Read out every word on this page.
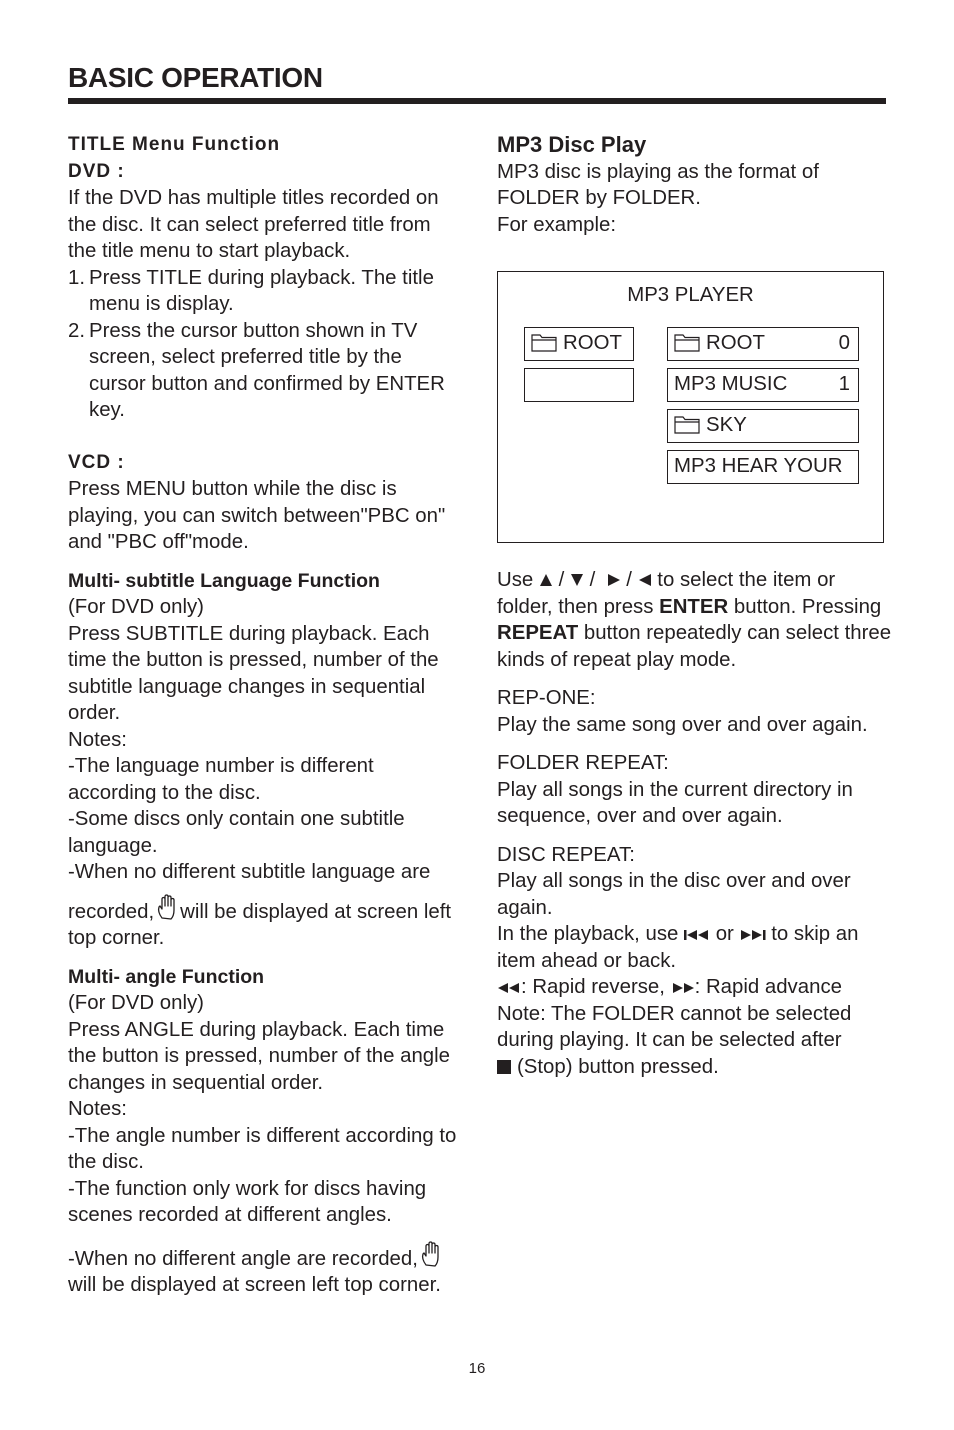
BASIC OPERATION

TITLE Menu Function

DVD :

If the DVD has multiple titles recorded on the disc. It can select preferred title from the title menu to start playback.

1. Press TITLE during playback. The title menu is display.
2. Press the cursor button shown in TV screen, select preferred title by the cursor button and confirmed by ENTER key.

VCD :

Press MENU button while the disc is playing, you can switch between"PBC on" and "PBC off"mode.

Multi- subtitle Language Function

(For DVD only)

Press SUBTITLE during playback. Each time the button is pressed, number of the subtitle language changes in sequential order.

Notes:

-The language number is different according to the disc.

-Some discs only contain one subtitle language.

-When no different subtitle language are

recorded, will be displayed at screen left top corner.

Multi- angle Function

(For DVD only)

Press ANGLE during playback. Each time the button is pressed, number of the angle changes in sequential order.

Notes:

-The angle number is different according to the disc.

-The function only work for discs having scenes recorded at different angles.

-When no different angle are recorded, will be displayed at screen left top corner.

MP3 Disc Play

MP3 disc is playing as the format of FOLDER by FOLDER.

For example:

MP3 PLAYER
ROOT	ROOT	0
MP3 MUSIC	1
SKY
MP3 HEAR YOUR

Use  /  /   /  to select the item or folder, then press ENTER button. Pressing REPEAT button repeatedly can select three kinds of repeat play mode.

REP-ONE:

Play the same song over and over again.

FOLDER REPEAT:

Play all songs in the current directory in sequence, over and over again.

DISC REPEAT:

Play all songs in the disc over and over again.

In the playback, use or to skip an item ahead or back.

: Rapid reverse, : Rapid advance

Note: The FOLDER cannot be selected during playing. It can be selected after

(Stop) button pressed.

16
